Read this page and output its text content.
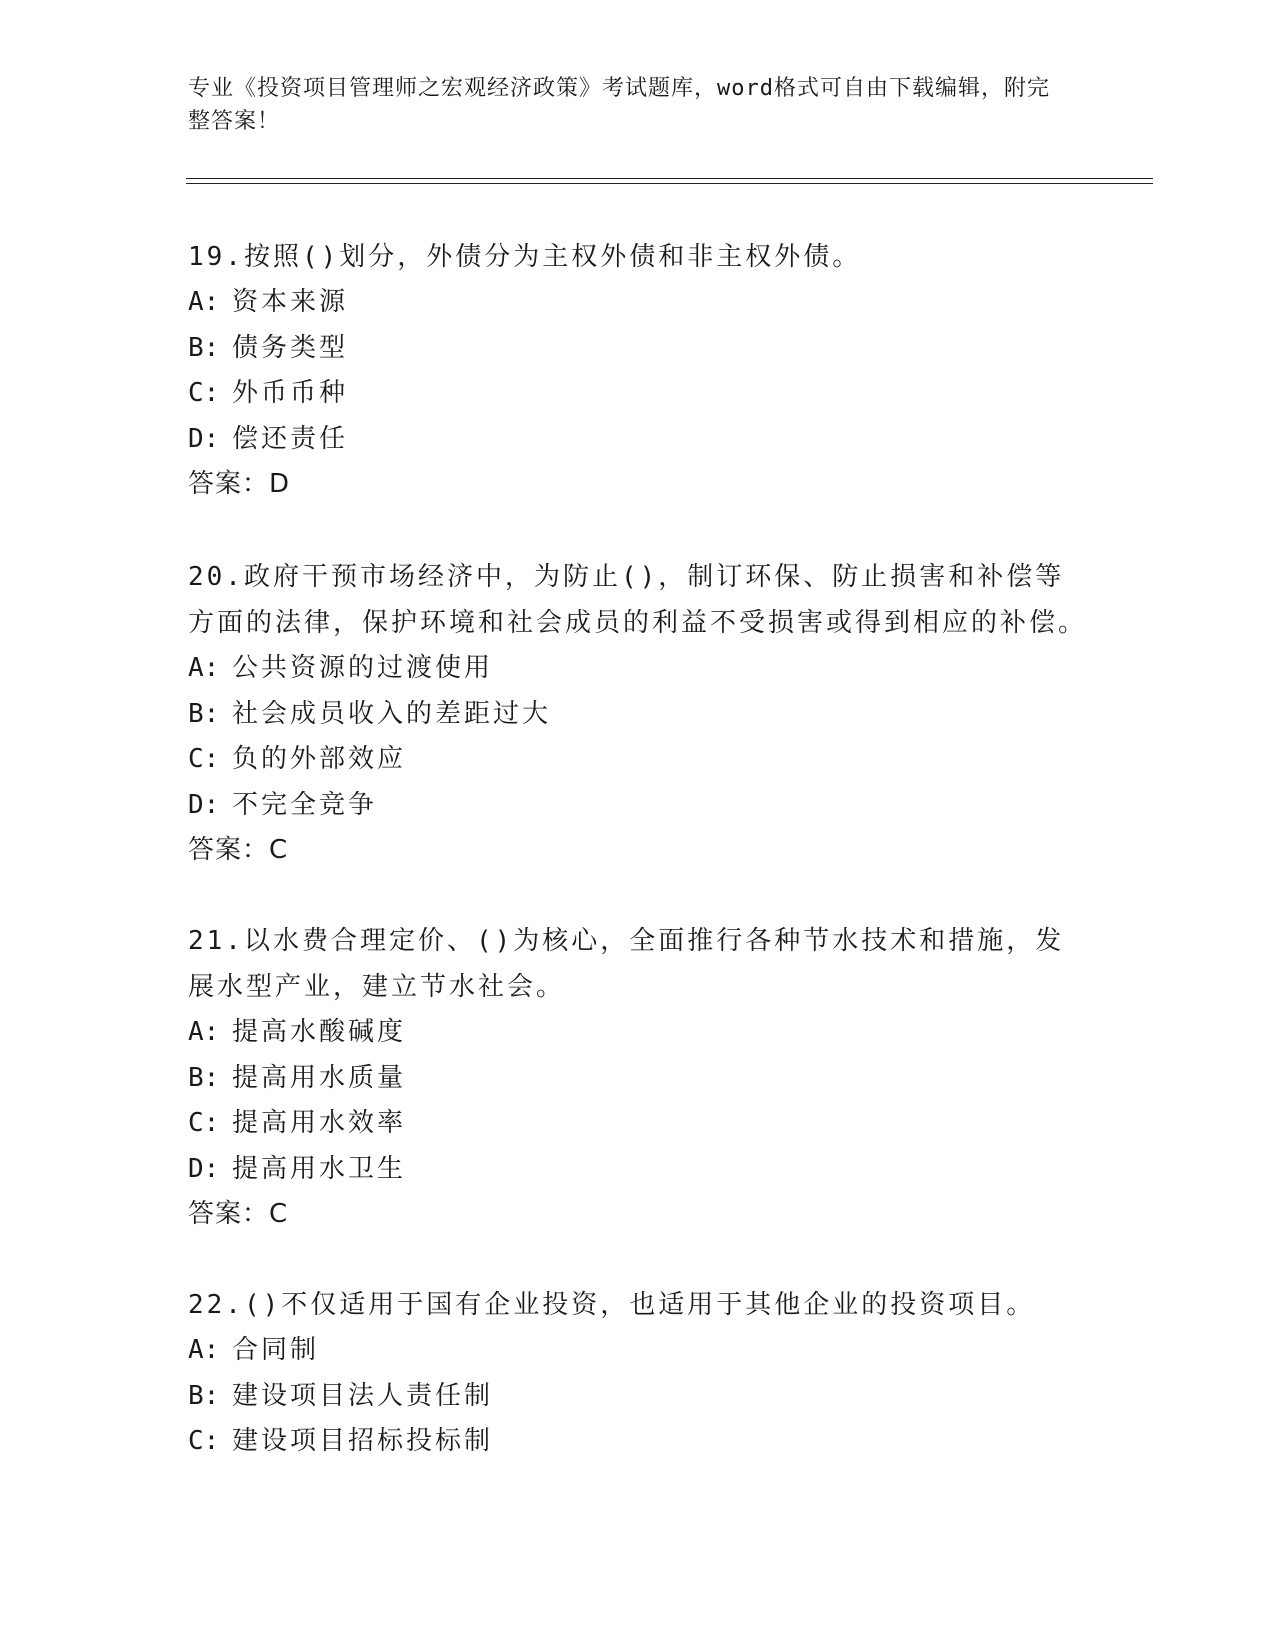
专业《投资项目管理师之宏观经济政策》考试题库，word格式可自由下载编辑，附完整答案！
19.按照()划分，外债分为主权外债和非主权外债。
A: 资本来源
B: 债务类型
C: 外币币种
D: 偿还责任
答案：D
20.政府干预市场经济中，为防止()，制订环保、防止损害和补偿等方面的法律，保护环境和社会成员的利益不受损害或得到相应的补偿。
A: 公共资源的过渡使用
B: 社会成员收入的差距过大
C: 负的外部效应
D: 不完全竞争
答案：C
21.以水费合理定价、()为核心，全面推行各种节水技术和措施，发展水型产业，建立节水社会。
A: 提高水酸碱度
B: 提高用水质量
C: 提高用水效率
D: 提高用水卫生
答案：C
22.()不仅适用于国有企业投资，也适用于其他企业的投资项目。
A: 合同制
B: 建设项目法人责任制
C: 建设项目招标投标制
